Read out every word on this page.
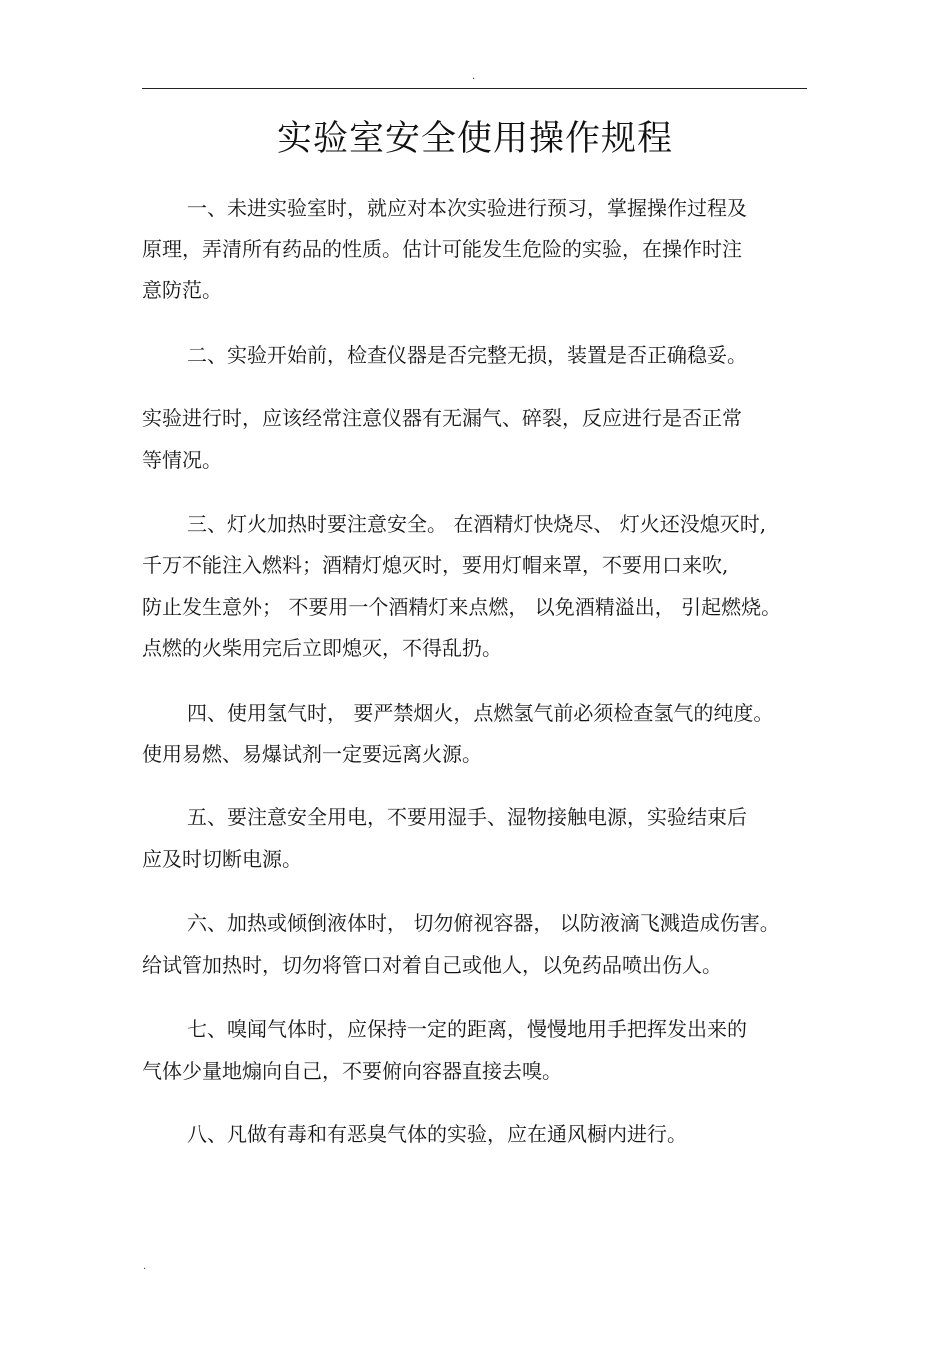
.
实验室安全使用操作规程
一、未进实验室时，就应对本次实验进行预习，掌握操作过程及
原理，弄清所有药品的性质。估计可能发生危险的实验，在操作时注
意防范。
二、实验开始前，检查仪器是否完整无损，装置是否正确稳妥。
实验进行时，应该经常注意仪器有无漏气、碎裂，反应进行是否正常
等情况。
三、灯火加热时要注意安全。 在酒精灯快烧尽、 灯火还没熄灭时,
千万不能注入燃料；酒精灯熄灭时，要用灯帽来罩，不要用口来吹,
防止发生意外； 不要用一个酒精灯来点燃， 以免酒精溢出， 引起燃烧。
点燃的火柴用完后立即熄灭，不得乱扔。
四、使用氢气时， 要严禁烟火，点燃氢气前必须检查氢气的纯度。
使用易燃、易爆试剂一定要远离火源。
五、要注意安全用电，不要用湿手、湿物接触电源，实验结束后
应及时切断电源。
六、加热或倾倒液体时， 切勿俯视容器， 以防液滴飞溅造成伤害。
给试管加热时，切勿将管口对着自己或他人，以免药品喷出伤人。
七、嗅闻气体时，应保持一定的距离，慢慢地用手把挥发出来的
气体少量地煽向自己，不要俯向容器直接去嗅。
八、凡做有毒和有恶臭气体的实验，应在通风橱内进行。
.
